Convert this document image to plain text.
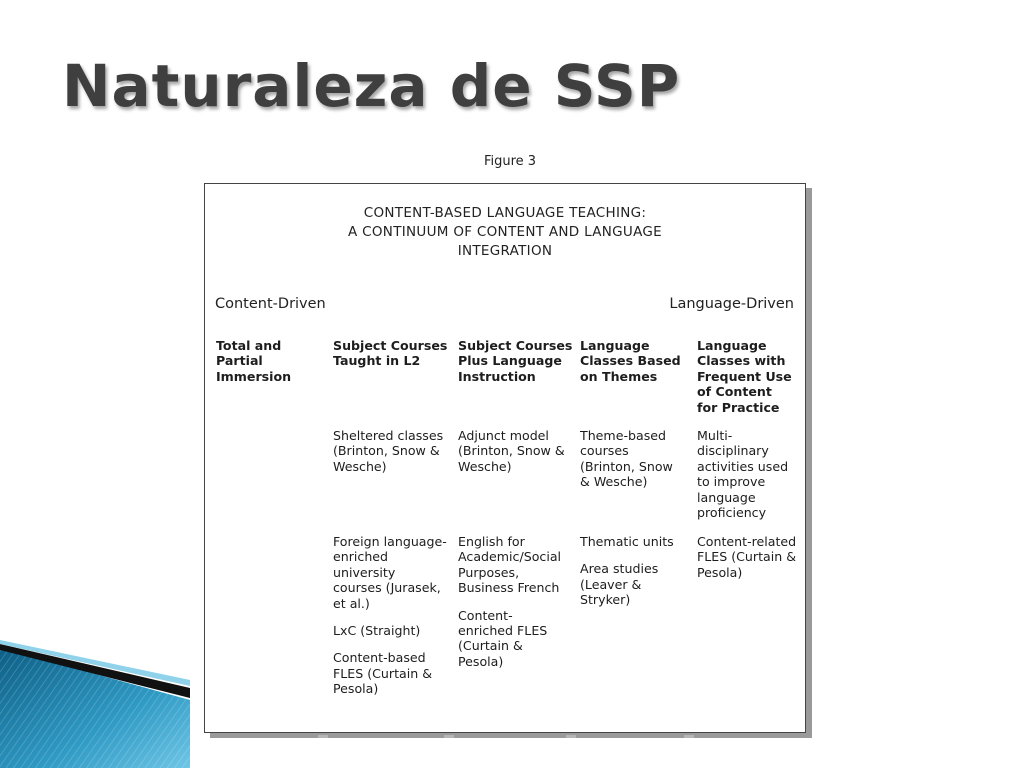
Naturaleza de SSP
Figure 3
CONTENT-BASED LANGUAGE TEACHING:
A CONTINUUM OF CONTENT AND LANGUAGE
INTEGRATION
Content-Driven	Language-Driven
Total and
Partial
Immersion
Subject Courses
Taught in L2
Sheltered classes
(Brinton, Snow &
Wesche)
Foreign language-
enriched
university
courses (Jurasek,
et al.)
LxC (Straight)
Content-based
FLES (Curtain &
Pesola)
Subject Courses
Plus Language
Instruction
Adjunct model
(Brinton, Snow &
Wesche)
English for
Academic/Social
Purposes,
Business French
Content-
enriched FLES
(Curtain &
Pesola)
Language
Classes Based
on Themes
Theme-based
courses
(Brinton, Snow
& Wesche)
Thematic units
Area studies
(Leaver &
Stryker)
Language
Classes with
Frequent Use
of Content
for Practice
Multi-
disciplinary
activities used
to improve
language
proficiency
Content-related
FLES (Curtain &
Pesola)
